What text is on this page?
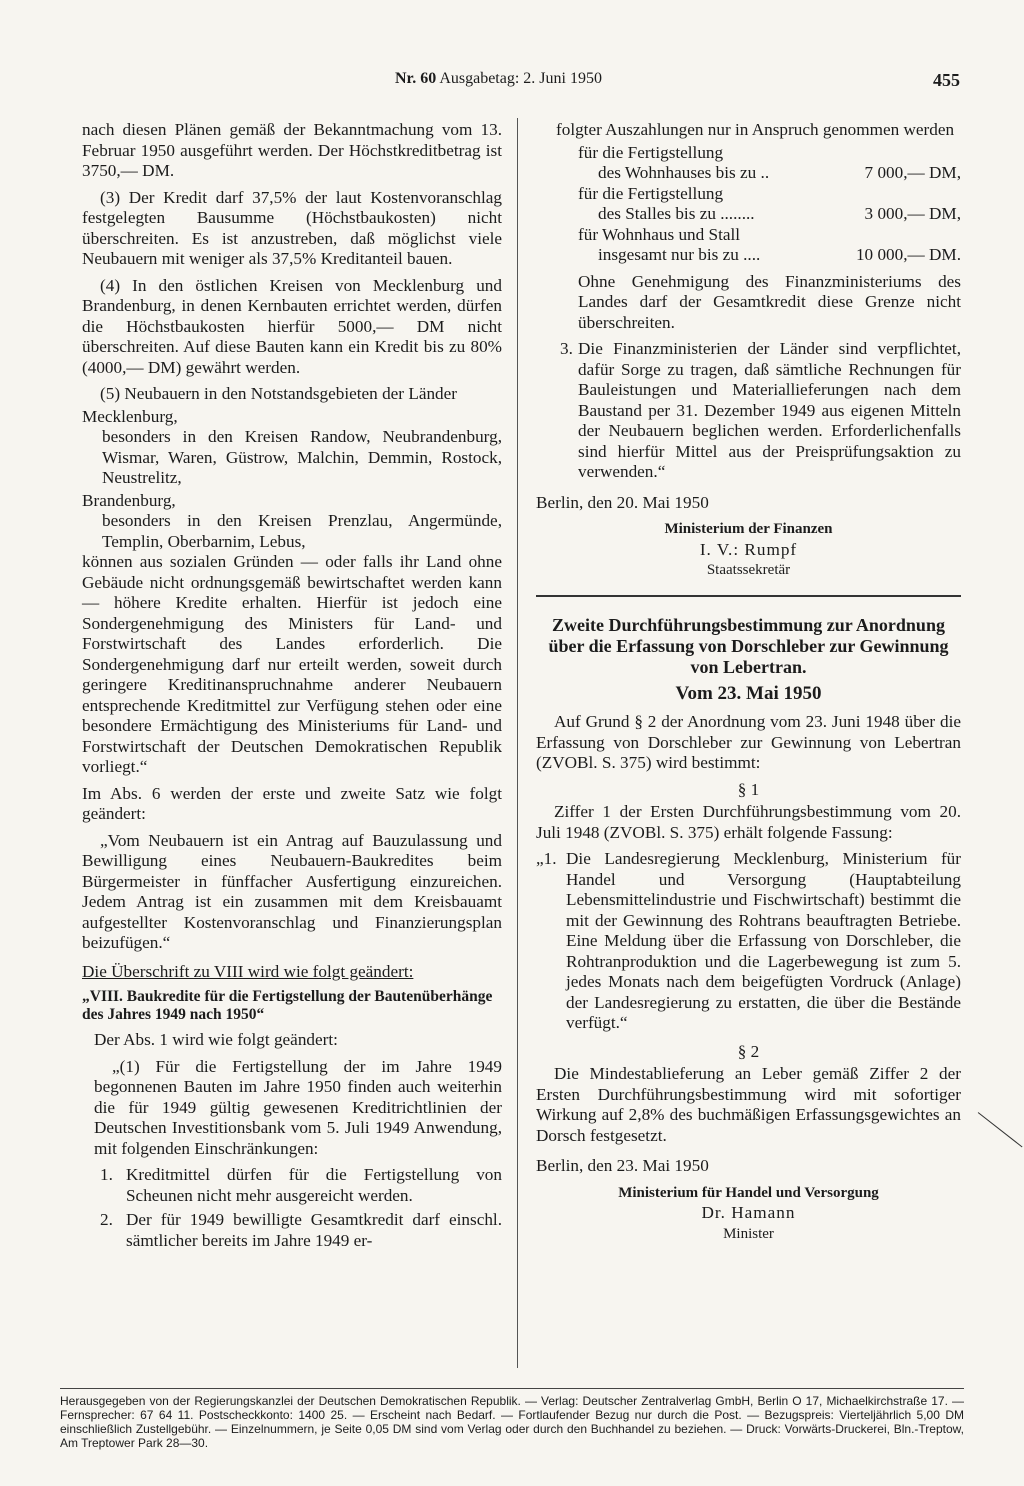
Nr. 60 Ausgabetag: 2. Juni 1950	455

nach diesen Plänen gemäß der Bekanntmachung vom 13. Februar 1950 ausgeführt werden. Der Höchstkreditbetrag ist 3750,— DM.

(3) Der Kredit darf 37,5% der laut Kostenvoranschlag festgelegten Bausumme (Höchstbaukosten) nicht überschreiten. Es ist anzustreben, daß möglichst viele Neubauern mit weniger als 37,5% Kreditanteil bauen.

(4) In den östlichen Kreisen von Mecklenburg und Brandenburg, in denen Kernbauten errichtet werden, dürfen die Höchstbaukosten hierfür 5000,— DM nicht überschreiten. Auf diese Bauten kann ein Kredit bis zu 80% (4000,— DM) gewährt werden.

(5) Neubauern in den Notstandsgebieten der Länder

Mecklenburg,

besonders in den Kreisen Randow, Neubrandenburg, Wismar, Waren, Güstrow, Malchin, Demmin, Rostock, Neustrelitz,

Brandenburg,

besonders in den Kreisen Prenzlau, Angermünde, Templin, Oberbarnim, Lebus,

können aus sozialen Gründen — oder falls ihr Land ohne Gebäude nicht ordnungsgemäß bewirtschaftet werden kann — höhere Kredite erhalten. Hierfür ist jedoch eine Sondergenehmigung des Ministers für Land- und Forstwirtschaft des Landes erforderlich. Die Sondergenehmigung darf nur erteilt werden, soweit durch geringere Kreditinanspruchnahme anderer Neubauern entsprechende Kreditmittel zur Verfügung stehen oder eine besondere Ermächtigung des Ministeriums für Land- und Forstwirtschaft der Deutschen Demokratischen Republik vorliegt.“

Im Abs. 6 werden der erste und zweite Satz wie folgt geändert:

„Vom Neubauern ist ein Antrag auf Bauzulassung und Bewilligung eines Neubauern-Baukredites beim Bürgermeister in fünffacher Ausfertigung einzureichen. Jedem Antrag ist ein zusammen mit dem Kreisbauamt aufgestellter Kostenvoranschlag und Finanzierungsplan beizufügen.“

Die Überschrift zu VIII wird wie folgt geändert:

„VIII. Baukredite für die Fertigstellung der Bautenüberhänge des Jahres 1949 nach 1950“

Der Abs. 1 wird wie folgt geändert:

„(1) Für die Fertigstellung der im Jahre 1949 begonnenen Bauten im Jahre 1950 finden auch weiterhin die für 1949 gültig gewesenen Kreditrichtlinien der Deutschen Investitionsbank vom 5. Juli 1949 Anwendung, mit folgenden Einschränkungen:

1. Kreditmittel dürfen für die Fertigstellung von Scheunen nicht mehr ausgereicht werden.
2. Der für 1949 bewilligte Gesamtkredit darf einschl. sämtlicher bereits im Jahre 1949 er-

folgter Auszahlungen nur in Anspruch genommen werden

für die Fertigstellung

des Wohnhauses bis zu ..	7 000,— DM,

für die Fertigstellung

des Stalles bis zu ........	3 000,— DM,

für Wohnhaus und Stall

insgesamt nur bis zu ....	10 000,— DM.

Ohne Genehmigung des Finanzministeriums des Landes darf der Gesamtkredit diese Grenze nicht überschreiten.

3. Die Finanzministerien der Länder sind verpflichtet, dafür Sorge zu tragen, daß sämtliche Rechnungen für Bauleistungen und Materiallieferungen nach dem Baustand per 31. Dezember 1949 aus eigenen Mitteln der Neubauern beglichen werden. Erforderlichenfalls sind hierfür Mittel aus der Preisprüfungsaktion zu verwenden.“

Berlin, den 20. Mai 1950

Ministerium der Finanzen

I. V.: Rumpf

Staatssekretär

Zweite Durchführungsbestimmung zur Anordnung über die Erfassung von Dorschleber zur Gewinnung von Lebertran.

Vom 23. Mai 1950

Auf Grund § 2 der Anordnung vom 23. Juni 1948 über die Erfassung von Dorschleber zur Gewinnung von Lebertran (ZVOBl. S. 375) wird bestimmt:

§ 1

Ziffer 1 der Ersten Durchführungsbestimmung vom 20. Juli 1948 (ZVOBl. S. 375) erhält folgende Fassung:

„1. Die Landesregierung Mecklenburg, Ministerium für Handel und Versorgung (Hauptabteilung Lebensmittelindustrie und Fischwirtschaft) bestimmt die mit der Gewinnung des Rohtrans beauftragten Betriebe. Eine Meldung über die Erfassung von Dorschleber, die Rohtranproduktion und die Lagerbewegung ist zum 5. jedes Monats nach dem beigefügten Vordruck (Anlage) der Landesregierung zu erstatten, die über die Bestände verfügt.“

§ 2

Die Mindestablieferung an Leber gemäß Ziffer 2 der Ersten Durchführungsbestimmung wird mit sofortiger Wirkung auf 2,8% des buchmäßigen Erfassungsgewichtes an Dorsch festgesetzt.

Berlin, den 23. Mai 1950

Ministerium für Handel und Versorgung

Dr. Hamann

Minister

Herausgegeben von der Regierungskanzlei der Deutschen Demokratischen Republik. — Verlag: Deutscher Zentralverlag GmbH, Berlin O 17, Michaelkirchstraße 17. — Fernsprecher: 67 64 11. Postscheckkonto: 1400 25. — Erscheint nach Bedarf. — Fortlaufender Bezug nur durch die Post. — Bezugspreis: Vierteljährlich 5,00 DM einschließlich Zustellgebühr. — Einzelnummern, je Seite 0,05 DM sind vom Verlag oder durch den Buchhandel zu beziehen. — Druck: Vorwärts-Druckerei, Bln.-Treptow, Am Treptower Park 28—30.
